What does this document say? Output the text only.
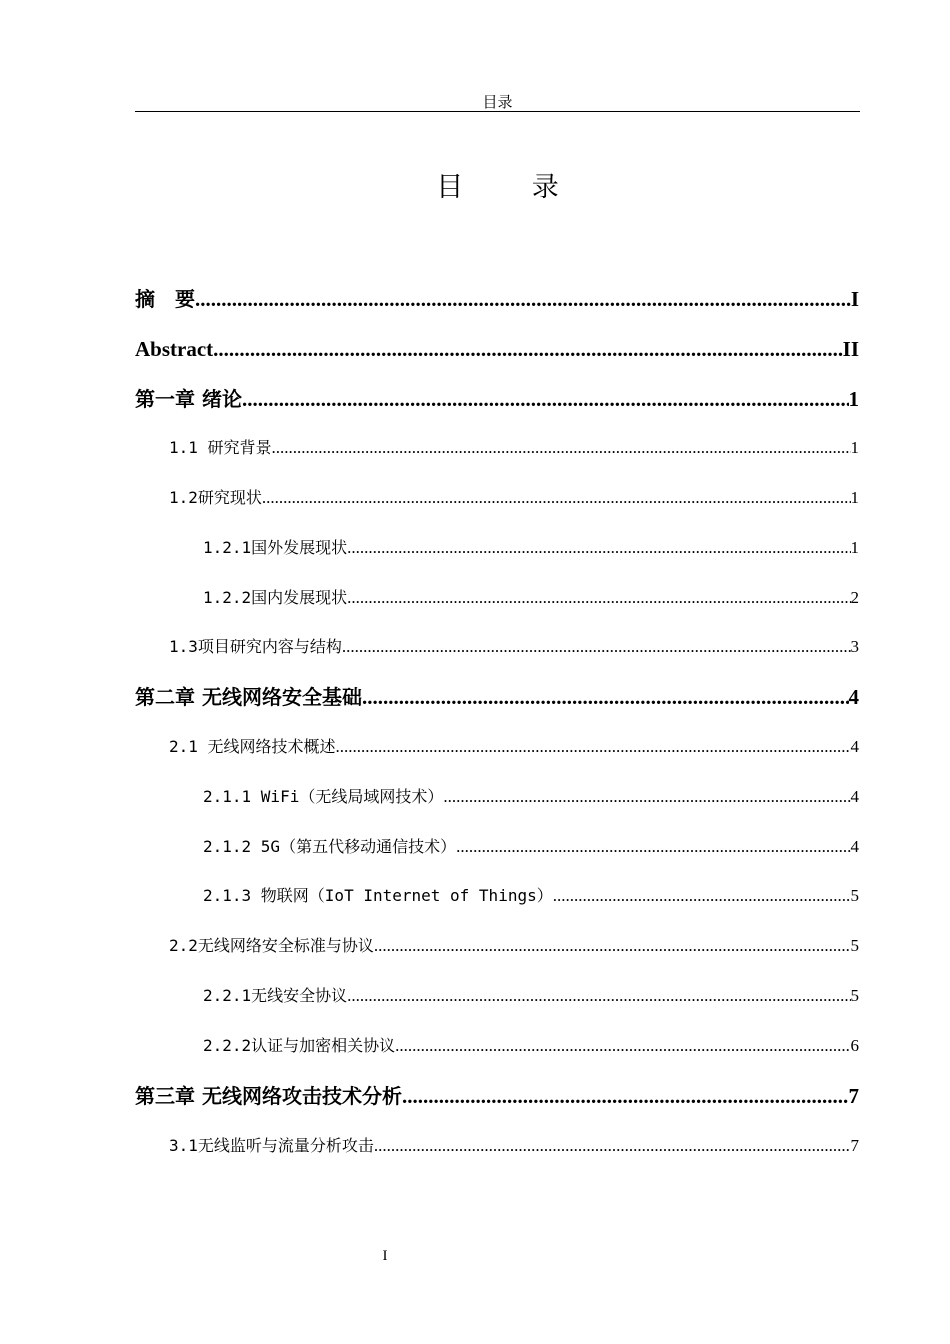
目录
目 录
摘　要 .....	I
Abstract .....	II
第一章 绪论 .....	1
1.1 研究背景 .....	1
1.2研究现状 .....	1
1.2.1国外发展现状 .....	1
1.2.2国内发展现状 .....	2
1.3项目研究内容与结构 .....	3
第二章 无线网络安全基础 .....	4
2.1 无线网络技术概述 .....	4
2.1.1 WiFi（无线局域网技术） .....	4
2.1.2 5G（第五代移动通信技术） .....	4
2.1.3 物联网（IoT Internet of Things） .....	5
2.2无线网络安全标准与协议 .....	5
2.2.1无线安全协议 .....	5
2.2.2认证与加密相关协议 .....	6
第三章 无线网络攻击技术分析 .....	7
3.1无线监听与流量分析攻击 .....	7
I
